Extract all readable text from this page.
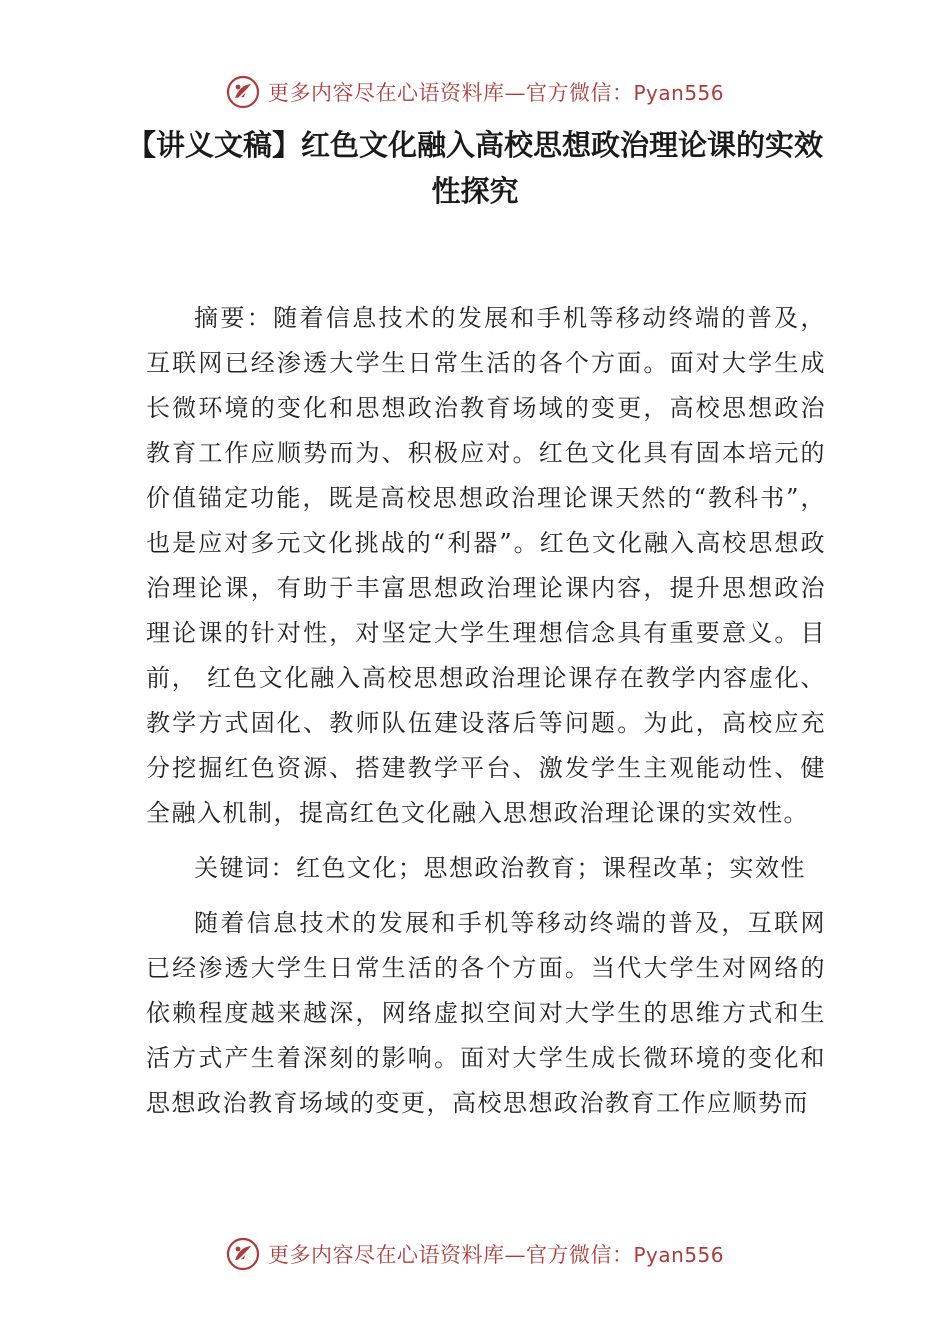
更多内容尽在心语资料库—官方微信：Pyan556
【讲义文稿】红色文化融入高校思想政治理论课的实效性探究

摘要：随着信息技术的发展和手机等移动终端的普及，互联网已经渗透大学生日常生活的各个方面。面对大学生成长微环境的变化和思想政治教育场域的变更，高校思想政治教育工作应顺势而为、积极应对。红色文化具有固本培元的价值锚定功能，既是高校思想政治理论课天然的“教科书”，也是应对多元文化挑战的“利器”。红色文化融入高校思想政治理论课，有助于丰富思想政治理论课内容，提升思想政治理论课的针对性，对坚定大学生理想信念具有重要意义。目前， 红色文化融入高校思想政治理论课存在教学内容虚化、教学方式固化、教师队伍建设落后等问题。为此，高校应充分挖掘红色资源、搭建教学平台、激发学生主观能动性、健全融入机制，提高红色文化融入思想政治理论课的实效性。

关键词：红色文化；思想政治教育；课程改革；实效性

随着信息技术的发展和手机等移动终端的普及，互联网已经渗透大学生日常生活的各个方面。当代大学生对网络的依赖程度越来越深，网络虚拟空间对大学生的思维方式和生活方式产生着深刻的影响。面对大学生成长微环境的变化和思想政治教育场域的变更，高校思想政治教育工作应顺势而

更多内容尽在心语资料库—官方微信：Pyan556
